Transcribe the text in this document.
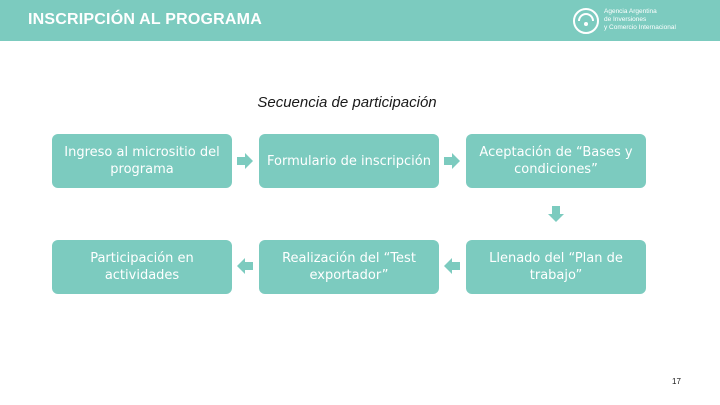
INSCRIPCIÓN AL PROGRAMA	Agencia Argentina
de Inversiones
y Comercio Internacional
Secuencia de participación
Ingreso al micrositio del programa
Formulario de inscripción
Aceptación de “Bases y condiciones”
Llenado del “Plan de trabajo”
Realización del “Test exportador”
Participación en actividades
17
